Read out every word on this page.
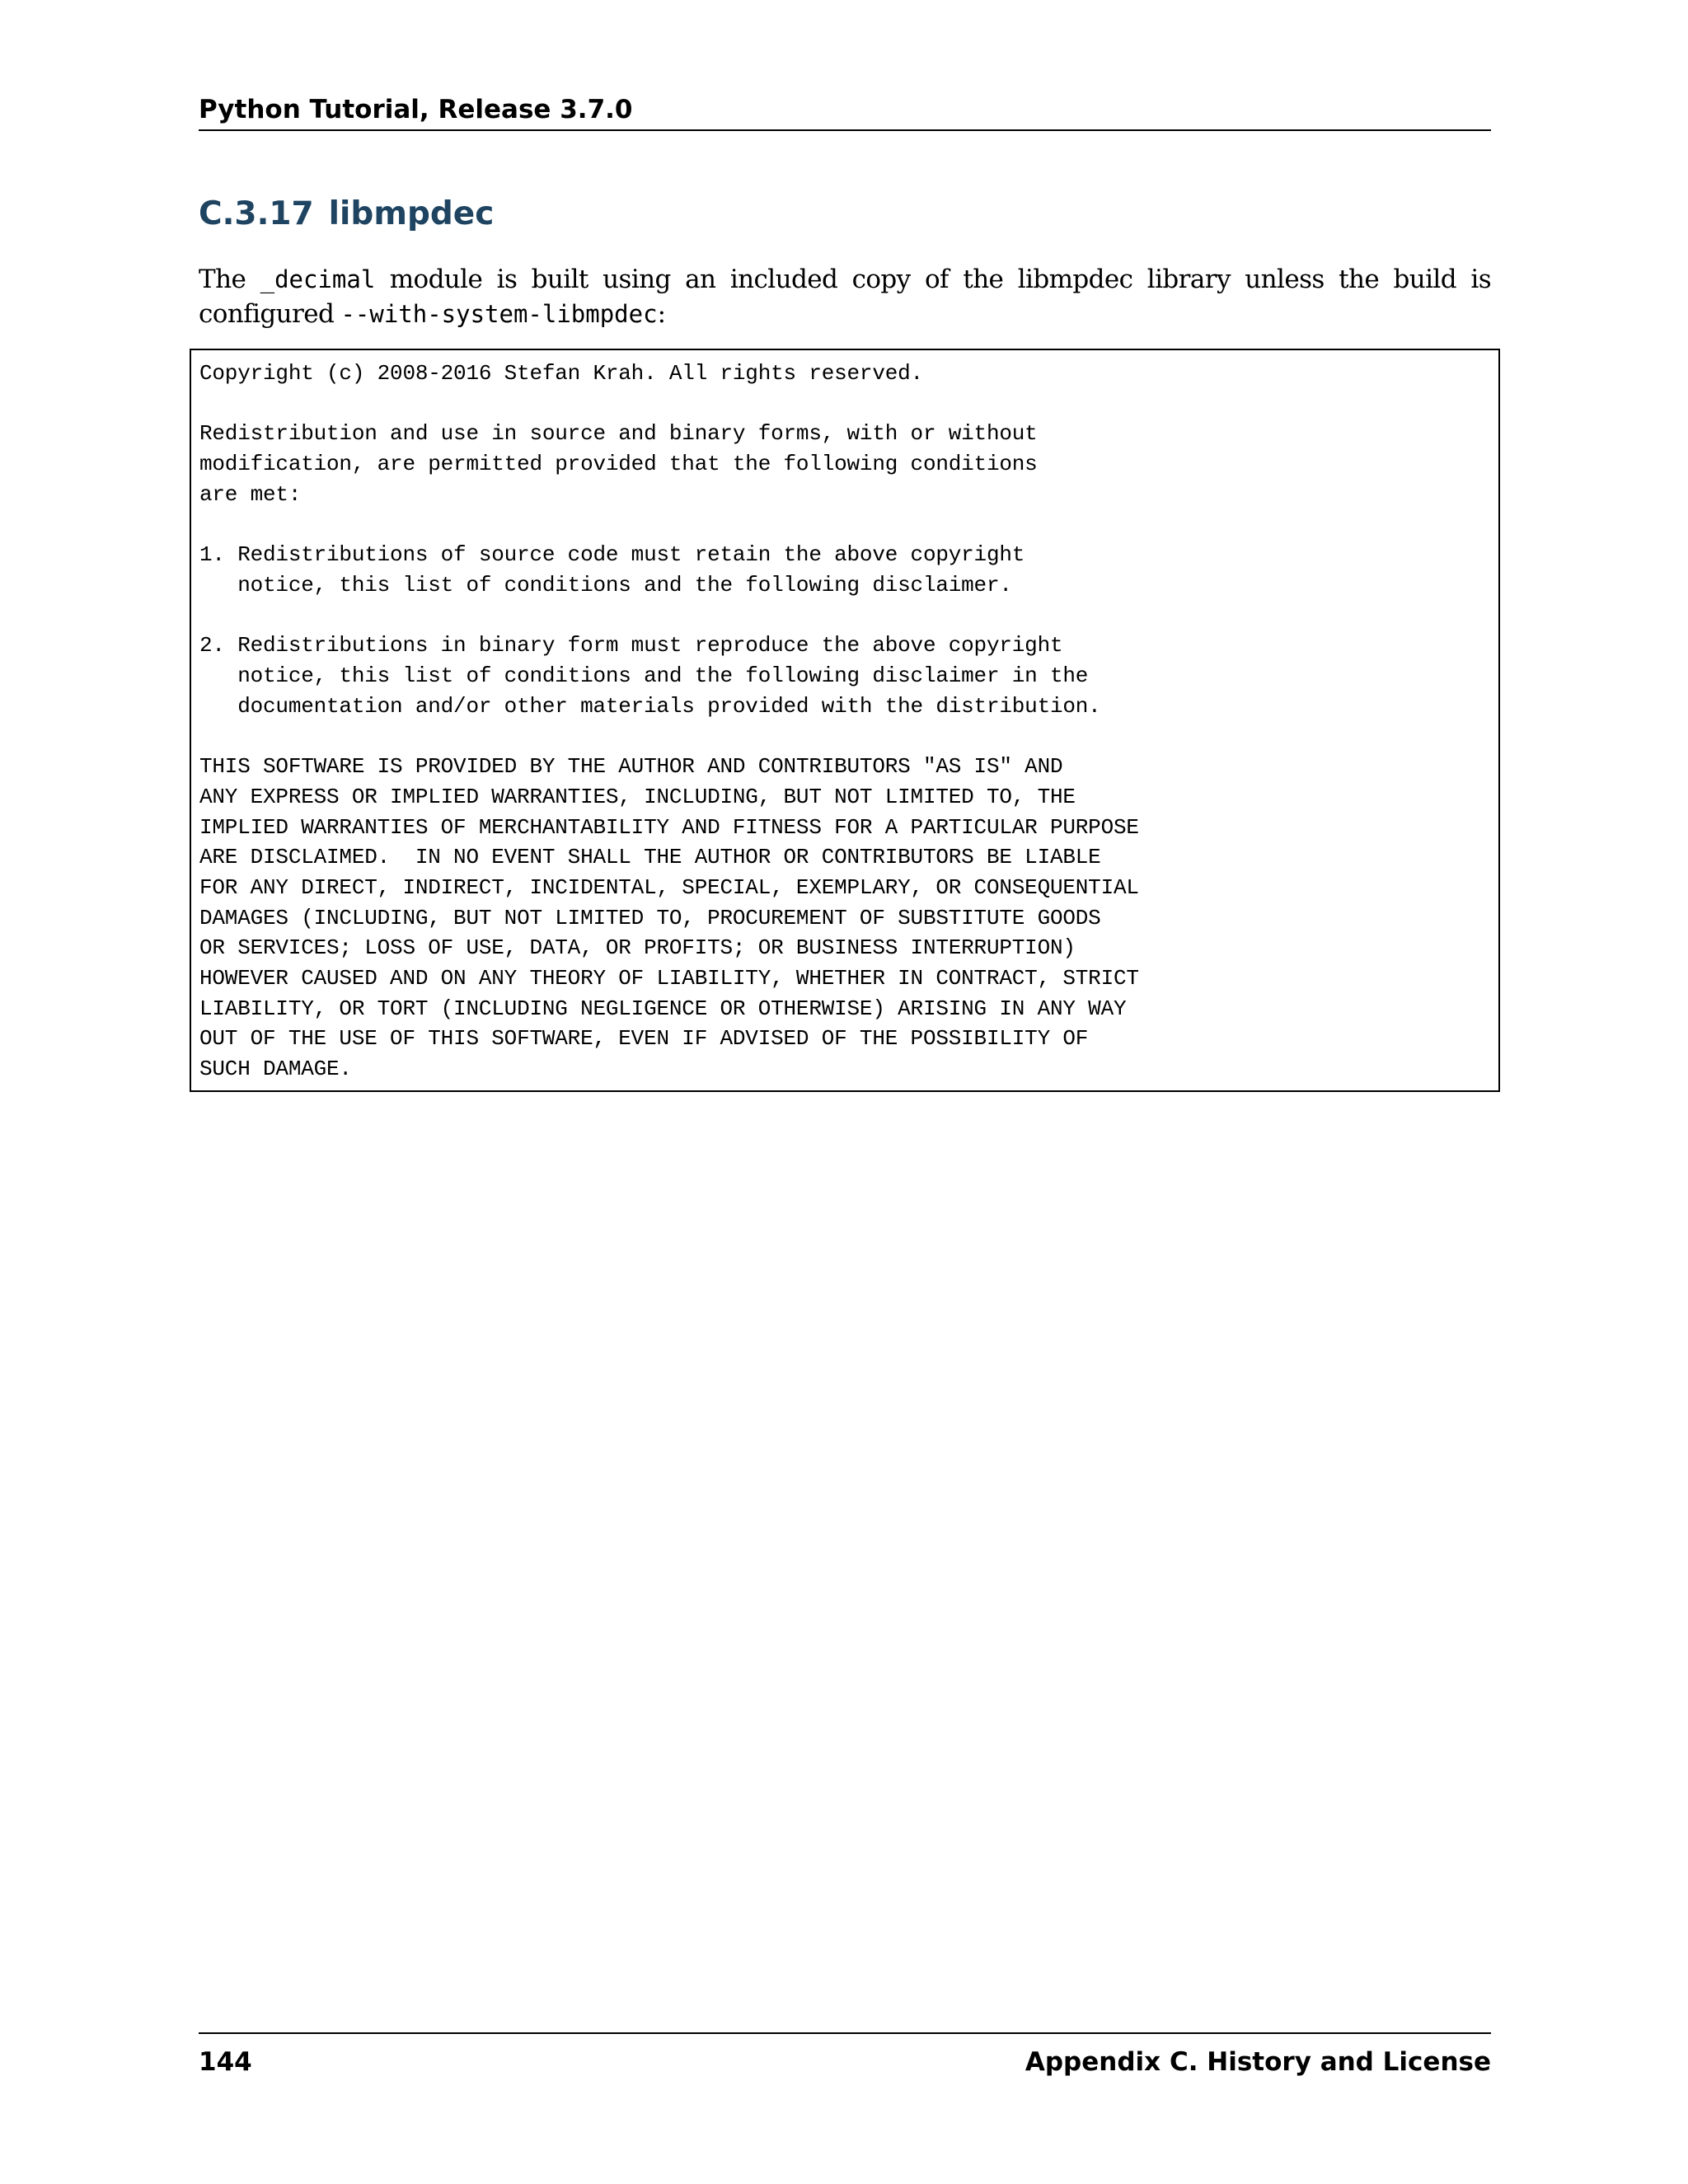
Python Tutorial, Release 3.7.0
C.3.17 libmpdec

The _decimal module is built using an included copy of the libmpdec library unless the build is configured --with-system-libmpdec:

Copyright (c) 2008-2016 Stefan Krah. All rights reserved.

Redistribution and use in source and binary forms, with or without
modification, are permitted provided that the following conditions
are met:

1. Redistributions of source code must retain the above copyright
notice, this list of conditions and the following disclaimer.

2. Redistributions in binary form must reproduce the above copyright
notice, this list of conditions and the following disclaimer in the
documentation and/or other materials provided with the distribution.

THIS SOFTWARE IS PROVIDED BY THE AUTHOR AND CONTRIBUTORS "AS IS" AND
ANY EXPRESS OR IMPLIED WARRANTIES, INCLUDING, BUT NOT LIMITED TO, THE
IMPLIED WARRANTIES OF MERCHANTABILITY AND FITNESS FOR A PARTICULAR PURPOSE
ARE DISCLAIMED.  IN NO EVENT SHALL THE AUTHOR OR CONTRIBUTORS BE LIABLE
FOR ANY DIRECT, INDIRECT, INCIDENTAL, SPECIAL, EXEMPLARY, OR CONSEQUENTIAL
DAMAGES (INCLUDING, BUT NOT LIMITED TO, PROCUREMENT OF SUBSTITUTE GOODS
OR SERVICES; LOSS OF USE, DATA, OR PROFITS; OR BUSINESS INTERRUPTION)
HOWEVER CAUSED AND ON ANY THEORY OF LIABILITY, WHETHER IN CONTRACT, STRICT
LIABILITY, OR TORT (INCLUDING NEGLIGENCE OR OTHERWISE) ARISING IN ANY WAY
OUT OF THE USE OF THIS SOFTWARE, EVEN IF ADVISED OF THE POSSIBILITY OF
SUCH DAMAGE.
144	Appendix C. History and License
